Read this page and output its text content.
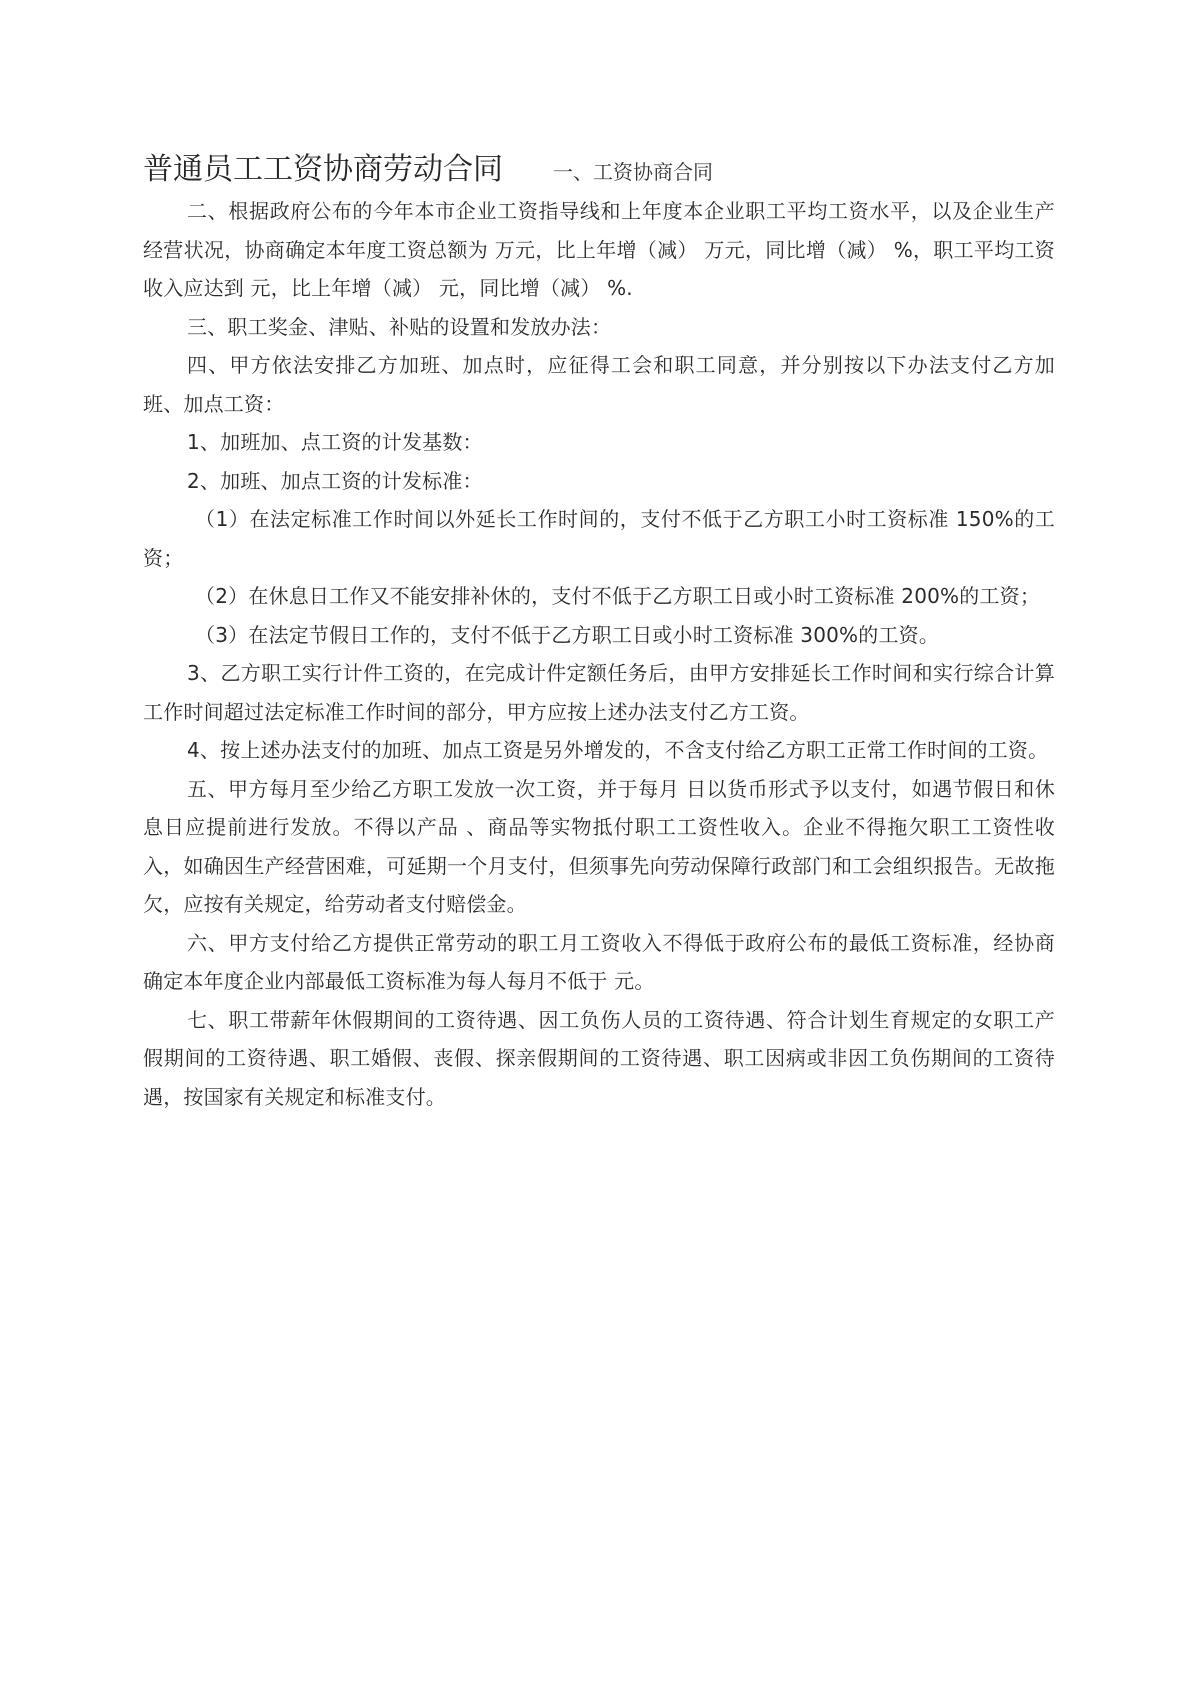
普通员工工资协商劳动合同	一、工资协商合同

二、根据政府公布的今年本市企业工资指导线和上年度本企业职工平均工资水平，以及企业生产经营状况，协商确定本年度工资总额为 万元，比上年增（减） 万元，同比增（减） %，职工平均工资收入应达到 元，比上年增（减） 元，同比增（减） %.

三、职工奖金、津贴、补贴的设置和发放办法：

四、甲方依法安排乙方加班、加点时，应征得工会和职工同意，并分别按以下办法支付乙方加班、加点工资：

1、加班加、点工资的计发基数：

2、加班、加点工资的计发标准：

（1）在法定标准工作时间以外延长工作时间的，支付不低于乙方职工小时工资标准 150%的工资；

（2）在休息日工作又不能安排补休的，支付不低于乙方职工日或小时工资标准 200%的工资；

（3）在法定节假日工作的，支付不低于乙方职工日或小时工资标准 300%的工资。

3、乙方职工实行计件工资的，在完成计件定额任务后，由甲方安排延长工作时间和实行综合计算工作时间超过法定标准工作时间的部分，甲方应按上述办法支付乙方工资。

4、按上述办法支付的加班、加点工资是另外增发的，不含支付给乙方职工正常工作时间的工资。

五、甲方每月至少给乙方职工发放一次工资，并于每月 日以货币形式予以支付，如遇节假日和休息日应提前进行发放。不得以产品 、商品等实物抵付职工工资性收入。企业不得拖欠职工工资性收入，如确因生产经营困难，可延期一个月支付，但须事先向劳动保障行政部门和工会组织报告。无故拖欠，应按有关规定，给劳动者支付赔偿金。

六、甲方支付给乙方提供正常劳动的职工月工资收入不得低于政府公布的最低工资标准，经协商确定本年度企业内部最低工资标准为每人每月不低于 元。

七、职工带薪年休假期间的工资待遇、因工负伤人员的工资待遇、符合计划生育规定的女职工产假期间的工资待遇、职工婚假、丧假、探亲假期间的工资待遇、职工因病或非因工负伤期间的工资待遇，按国家有关规定和标准支付。
